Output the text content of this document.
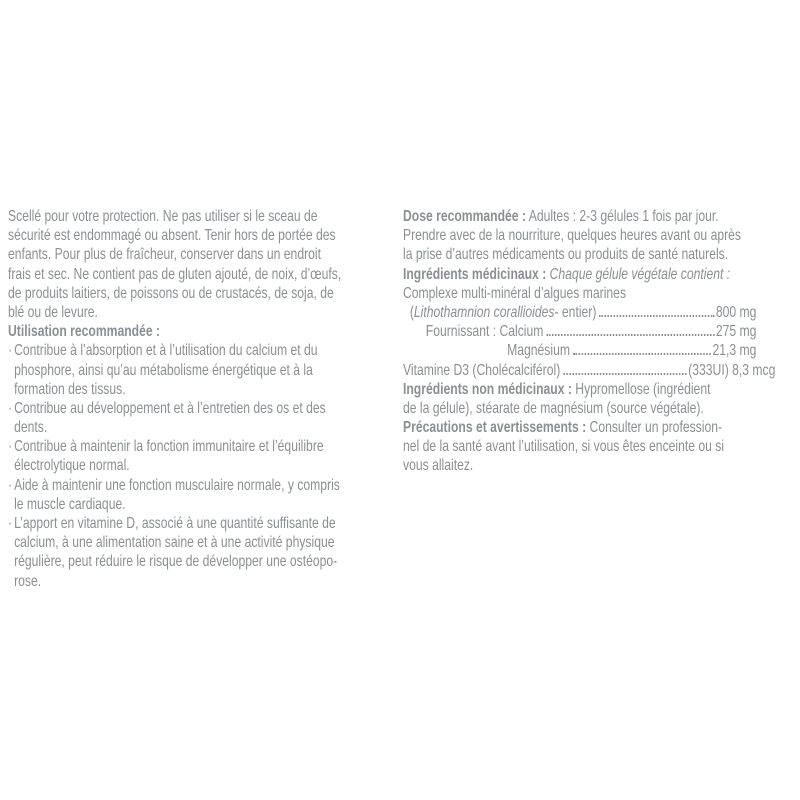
Scellé pour votre protection. Ne pas utiliser si le sceau de
sécurité est endommagé ou absent. Tenir hors de portée des
enfants. Pour plus de fraîcheur, conserver dans un endroit
frais et sec. Ne contient pas de gluten ajouté, de noix, d’œufs,
de produits laitiers, de poissons ou de crustacés, de soja, de
blé ou de levure.
Utilisation recommandée :
· Contribue à l’absorption et à l’utilisation du calcium et du
phosphore, ainsi qu’au métabolisme énergétique et à la
formation des tissus.
· Contribue au développement et à l’entretien des os et des
dents.
· Contribue à maintenir la fonction immunitaire et l’équilibre
électrolytique normal.
· Aide à maintenir une fonction musculaire normale, y compris
le muscle cardiaque.
· L’apport en vitamine D, associé à une quantité suffisante de
calcium, à une alimentation saine et à une activité physique
régulière, peut réduire le risque de développer une ostéopo-
rose.
Dose recommandée : Adultes : 2-3 gélules 1 fois par jour.
Prendre avec de la nourriture, quelques heures avant ou après
la prise d’autres médicaments ou produits de santé naturels.
Ingrédients médicinaux : Chaque gélule végétale contient :
Complexe multi-minéral d’algues marines
( Lithothamnion corallioides - entier)	800 mg
Fournissant : Calcium	275 mg
Magnésium	21,3 mg
Vitamine D3 (Cholécalciférol)	(333UI) 8,3 mcg
Ingrédients non médicinaux : Hypromellose (ingrédient
de la gélule), stéarate de magnésium (source végétale).
Précautions et avertissements : Consulter un profession-
nel de la santé avant l’utilisation, si vous êtes enceinte ou si
vous allaitez.
